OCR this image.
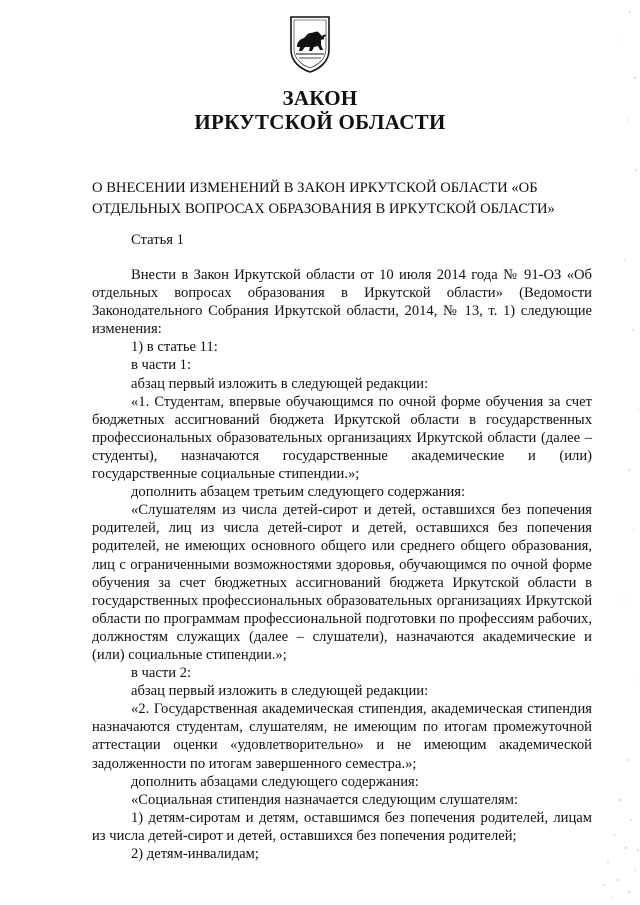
ЗАКОН
ИРКУТСКОЙ ОБЛАСТИ
О ВНЕСЕНИИ ИЗМЕНЕНИЙ В ЗАКОН ИРКУТСКОЙ ОБЛАСТИ «ОБ ОТДЕЛЬНЫХ ВОПРОСАХ ОБРАЗОВАНИЯ В ИРКУТСКОЙ ОБЛАСТИ»
Статья 1

Внести в Закон Иркутской области от 10 июля 2014 года № 91-ОЗ «Об отдельных вопросах образования в Иркутской области» (Ведомости Законодательного Собрания Иркутской области, 2014, № 13, т. 1) следующие изменения:

1) в статье 11:

в части 1:

абзац первый изложить в следующей редакции:

«1. Студентам, впервые обучающимся по очной форме обучения за счет бюджетных ассигнований бюджета Иркутской области в государственных профессиональных образовательных организациях Иркутской области (далее – студенты), назначаются государственные академические и (или) государственные социальные стипендии.»;

дополнить абзацем третьим следующего содержания:

«Слушателям из числа детей-сирот и детей, оставшихся без попечения родителей, лиц из числа детей-сирот и детей, оставшихся без попечения родителей, не имеющих основного общего или среднего общего образования, лиц с ограниченными возможностями здоровья, обучающимся по очной форме обучения за счет бюджетных ассигнований бюджета Иркутской области в государственных профессиональных образовательных организациях Иркутской области по программам профессиональной подготовки по профессиям рабочих, должностям служащих (далее – слушатели), назначаются академические и (или) социальные стипендии.»;

в части 2:

абзац первый изложить в следующей редакции:

«2. Государственная академическая стипендия, академическая стипендия назначаются студентам, слушателям, не имеющим по итогам промежуточной аттестации оценки «удовлетворительно» и не имеющим академической задолженности по итогам завершенного семестра.»;

дополнить абзацами следующего содержания:

«Социальная стипендия назначается следующим слушателям:

1) детям-сиротам и детям, оставшимся без попечения родителей, лицам из числа детей-сирот и детей, оставшихся без попечения родителей;

2) детям-инвалидам;
